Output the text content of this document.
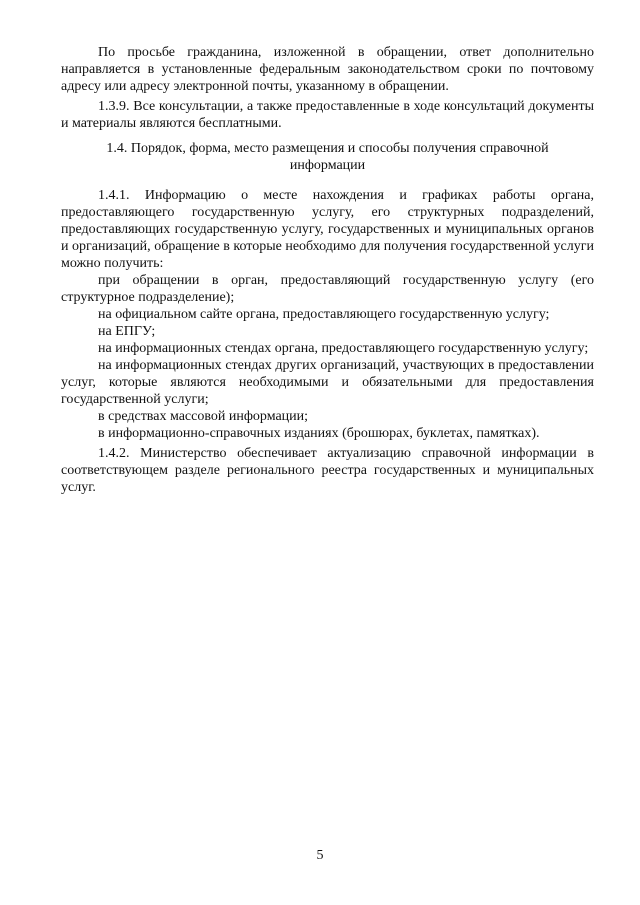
По просьбе гражданина, изложенной в обращении, ответ дополнительно направляется в установленные федеральным законодательством сроки по почтовому адресу или адресу электронной почты, указанному в обращении.

1.3.9. Все консультации, а также предоставленные в ходе консультаций документы и материалы являются бесплатными.

1.4. Порядок, форма, место размещения и способы получения справочной информации

1.4.1. Информацию о месте нахождения и графиках работы органа, предоставляющего государственную услугу, его структурных подразделений, предоставляющих государственную услугу, государственных и муниципальных органов и организаций, обращение в которые необходимо для получения государственной услуги можно получить:

при обращении в орган, предоставляющий государственную услугу (его структурное подразделение);

на официальном сайте органа, предоставляющего государственную услугу;

на ЕПГУ;

на информационных стендах органа, предоставляющего государственную услугу;

на информационных стендах других организаций, участвующих в предоставлении услуг, которые являются необходимыми и обязательными для предоставления государственной услуги;

в средствах массовой информации;

в информационно-справочных изданиях (брошюрах, буклетах, памятках).

1.4.2. Министерство обеспечивает актуализацию справочной информации в соответствующем разделе регионального реестра государственных и муниципальных услуг.

5
